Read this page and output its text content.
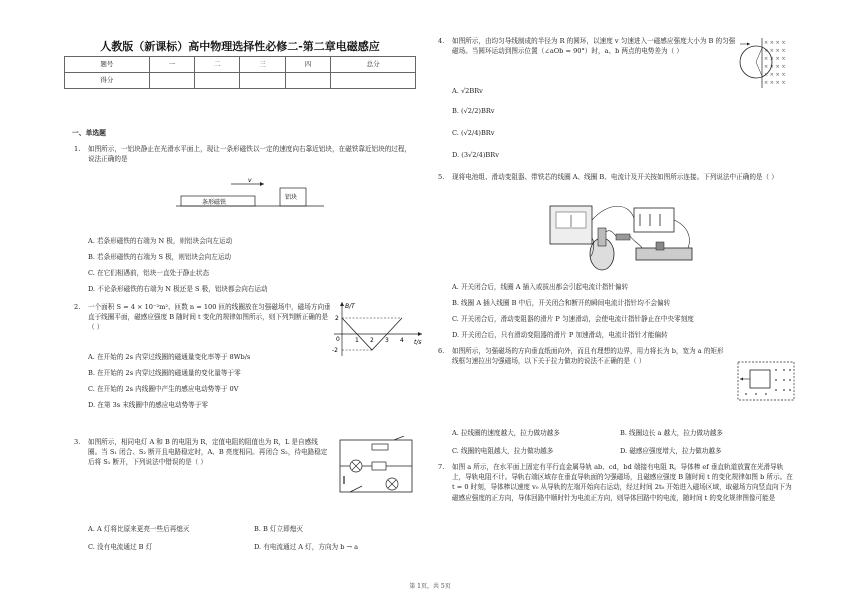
人教版（新课标）高中物理选择性必修二-第二章电磁感应
题号	一	二	三	四	总分
得分					
一、单选题
1. 如图所示，一铝块静止在光滑水平面上，现让一条形磁铁以一定的速度向右靠近铝块，在磁铁靠近铝块的过程，说法正确的是
v
条形磁铁
铝块
A. 若条形磁铁的右端为 N 极，则铝块会向左运动
B. 若条形磁铁的右端为 S 极，则铝块会向左运动
C. 在它们相遇前，铝块一直处于静止状态
D. 不论条形磁铁的右端为 N 极还是 S 极，铝块都会向右运动
2. 一个面积 S = 4 × 10⁻²m²、匝数 n = 100 匝的线圈放在匀强磁场中，磁场方向垂直于线圈平面，磁感应强度 B 随时间 t 变化的规律如图所示，则下列判断正确的是（ ）
B/T
t/s
2
0
-2
1 2 3 4
A. 在开始的 2s 内穿过线圈的磁通量变化率等于 8Wb/s
B. 在开始的 2s 内穿过线圈的磁通量的变化量等于零
C. 在开始的 2s 内线圈中产生的感应电动势等于 0V
D. 在第 3s 末线圈中的感应电动势等于零
3. 如图所示，相同电灯 A 和 B 的电阻为 R，定值电阻的阻值也为 R，L 是自感线圈。当 S₁ 闭合、S₂ 断开且电路稳定时，A、B 亮度相同。再闭合 S₂，待电路稳定后将 S₁ 断开，下列说法中错误的是（ ）
A. A 灯将比原来更亮一些后再熄灭	B. B 灯立即熄灭
C. 没有电流通过 B 灯	D. 有电流通过 A 灯，方向为 b → a
4. 如图所示，由均匀导线制成的半径为 R 的圆环，以速度 v 匀速进入一磁感应强度大小为 B 的匀强磁场。当圆环运动到图示位置（∠aOb = 90°）时，a、b 两点的电势差为（ ）
× × × ×
× × × ×
× × × ×
× × × ×
× × × ×
× × × ×
A. √2BRv
B. (√2/2)BRv
C. (√2/4)BRv
D. (3√2/4)BRv
5. 现将电池组、滑动变阻器、带铁芯的线圈 A、线圈 B、电流计及开关按如图所示连接。下列说法中正确的是（ ）
A. 开关闭合后，线圈 A 插入或拔出都会引起电流计指针偏转
B. 线圈 A 插入线圈 B 中后，开关闭合和断开的瞬间电流计指针均不会偏转
C. 开关闭合后，滑动变阻器的滑片 P 匀速滑动，会使电流计指针静止在中央零刻度
D. 开关闭合后，只有滑动变阻器的滑片 P 加速滑动，电流计指针才能偏转
6. 如图所示，匀强磁场的方向垂直纸面向外，而且有理想的边界，用力将长为 b，宽为 a 的矩形线框匀速拉出匀强磁场，以下关于拉力做功的说法不正确的是（ ）
A. 拉线圈的速度越大，拉力做功越多	B. 线圈边长 a 越大，拉力做功越多
C. 线圈的电阻越大，拉力做功越多	D. 磁感应强度增大，拉力做功越多
7. 如图 a 所示，在水平面上固定有平行直金属导轨 ab、cd，bd 端接有电阻 R。导体棒 ef 垂直轨道放置在光滑导轨上，导轨电阻不计。导轨右端区域存在垂直导轨面的匀强磁场，且磁感应强度 B 随时间 t 的变化规律如图 b 所示。在 t = 0 时刻，导体棒以速度 v₀ 从导轨的左端开始向右运动，经过时间 2t₀ 开始进入磁场区域，取磁场方向竖直向下为磁感应强度的正方向，导体回路中顺时针为电流正方向，则导体回路中的电流，随时间 t 的变化规律图像可能是
第 1页，共 5页
